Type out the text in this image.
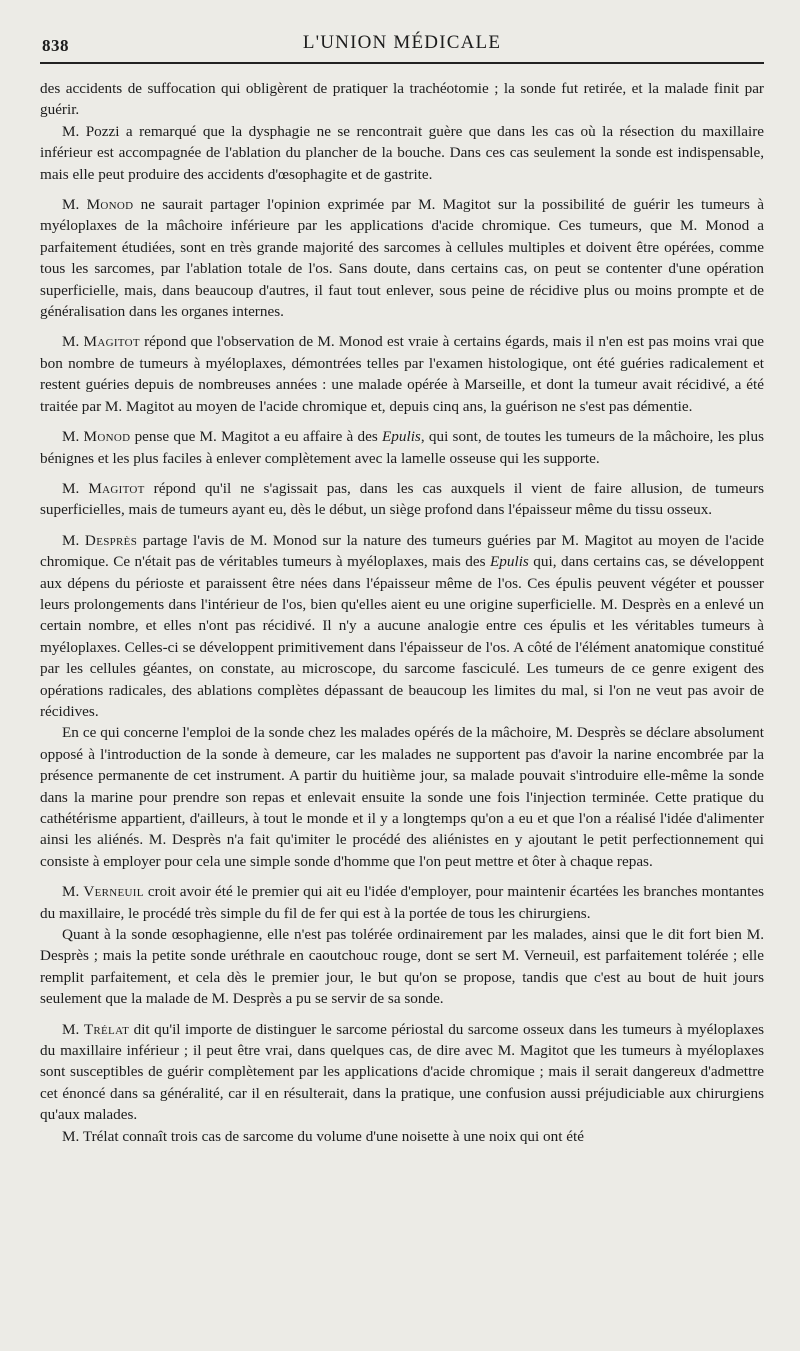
838	L'UNION MÉDICALE

des accidents de suffocation qui obligèrent de pratiquer la trachéotomie ; la sonde fut retirée, et la malade finit par guérir.

M. Pozzi a remarqué que la dysphagie ne se rencontrait guère que dans les cas où la résection du maxillaire inférieur est accompagnée de l'ablation du plancher de la bouche. Dans ces cas seulement la sonde est indispensable, mais elle peut produire des accidents d'œsophagite et de gastrite.

M. Monod ne saurait partager l'opinion exprimée par M. Magitot sur la possibilité de guérir les tumeurs à myéloplaxes de la mâchoire inférieure par les applications d'acide chromique. Ces tumeurs, que M. Monod a parfaitement étudiées, sont en très grande majorité des sarcomes à cellules multiples et doivent être opérées, comme tous les sarcomes, par l'ablation totale de l'os. Sans doute, dans certains cas, on peut se contenter d'une opération superficielle, mais, dans beaucoup d'autres, il faut tout enlever, sous peine de récidive plus ou moins prompte et de généralisation dans les organes internes.

M. Magitot répond que l'observation de M. Monod est vraie à certains égards, mais il n'en est pas moins vrai que bon nombre de tumeurs à myéloplaxes, démontrées telles par l'examen histologique, ont été guéries radicalement et restent guéries depuis de nombreuses années : une malade opérée à Marseille, et dont la tumeur avait récidivé, a été traitée par M. Magitot au moyen de l'acide chromique et, depuis cinq ans, la guérison ne s'est pas démentie.

M. Monod pense que M. Magitot a eu affaire à des Epulis, qui sont, de toutes les tumeurs de la mâchoire, les plus bénignes et les plus faciles à enlever complètement avec la lamelle osseuse qui les supporte.

M. Magitot répond qu'il ne s'agissait pas, dans les cas auxquels il vient de faire allusion, de tumeurs superficielles, mais de tumeurs ayant eu, dès le début, un siège profond dans l'épaisseur même du tissu osseux.

M. Desprès partage l'avis de M. Monod sur la nature des tumeurs guéries par M. Magitot au moyen de l'acide chromique. Ce n'était pas de véritables tumeurs à myéloplaxes, mais des Epulis qui, dans certains cas, se développent aux dépens du périoste et paraissent être nées dans l'épaisseur même de l'os. Ces épulis peuvent végéter et pousser leurs prolongements dans l'intérieur de l'os, bien qu'elles aient eu une origine superficielle. M. Desprès en a enlevé un certain nombre, et elles n'ont pas récidivé. Il n'y a aucune analogie entre ces épulis et les véritables tumeurs à myéloplaxes. Celles-ci se développent primitivement dans l'épaisseur de l'os. A côté de l'élément anatomique constitué par les cellules géantes, on constate, au microscope, du sarcome fasciculé. Les tumeurs de ce genre exigent des opérations radicales, des ablations complètes dépassant de beaucoup les limites du mal, si l'on ne veut pas avoir de récidives.

En ce qui concerne l'emploi de la sonde chez les malades opérés de la mâchoire, M. Desprès se déclare absolument opposé à l'introduction de la sonde à demeure, car les malades ne supportent pas d'avoir la narine encombrée par la présence permanente de cet instrument. A partir du huitième jour, sa malade pouvait s'introduire elle-même la sonde dans la marine pour prendre son repas et enlevait ensuite la sonde une fois l'injection terminée. Cette pratique du cathétérisme appartient, d'ailleurs, à tout le monde et il y a longtemps qu'on a eu et que l'on a réalisé l'idée d'alimenter ainsi les aliénés. M. Desprès n'a fait qu'imiter le procédé des aliénistes en y ajoutant le petit perfectionnement qui consiste à employer pour cela une simple sonde d'homme que l'on peut mettre et ôter à chaque repas.

M. Verneuil croit avoir été le premier qui ait eu l'idée d'employer, pour maintenir écartées les branches montantes du maxillaire, le procédé très simple du fil de fer qui est à la portée de tous les chirurgiens.

Quant à la sonde œsophagienne, elle n'est pas tolérée ordinairement par les malades, ainsi que le dit fort bien M. Desprès ; mais la petite sonde uréthrale en caoutchouc rouge, dont se sert M. Verneuil, est parfaitement tolérée ; elle remplit parfaitement, et cela dès le premier jour, le but qu'on se propose, tandis que c'est au bout de huit jours seulement que la malade de M. Desprès a pu se servir de sa sonde.

M. Trélat dit qu'il importe de distinguer le sarcome périostal du sarcome osseux dans les tumeurs à myéloplaxes du maxillaire inférieur ; il peut être vrai, dans quelques cas, de dire avec M. Magitot que les tumeurs à myéloplaxes sont susceptibles de guérir complètement par les applications d'acide chromique ; mais il serait dangereux d'admettre cet énoncé dans sa généralité, car il en résulterait, dans la pratique, une confusion aussi préjudiciable aux chirurgiens qu'aux malades.

M. Trélat connaît trois cas de sarcome du volume d'une noisette à une noix qui ont été
